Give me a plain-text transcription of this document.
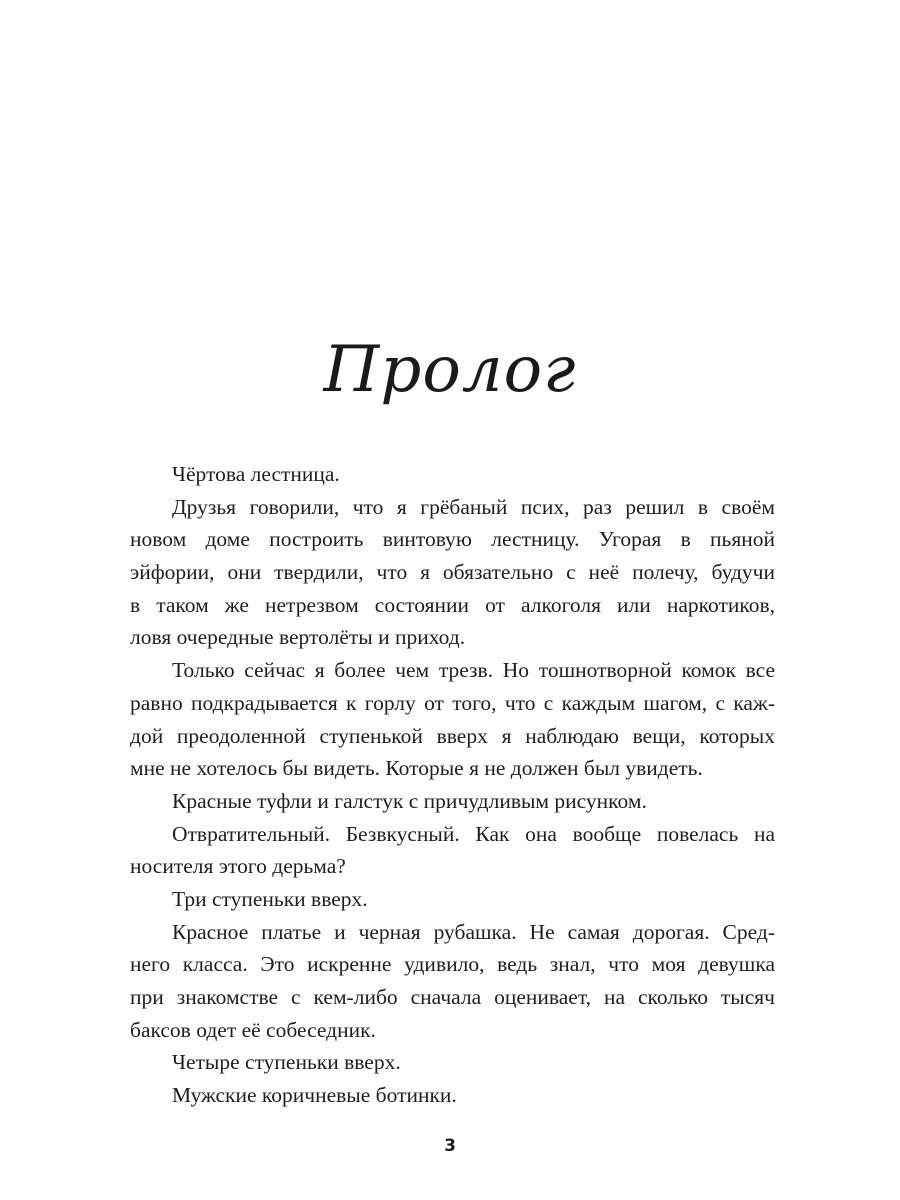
Пролог
Чёртова лестница.
Друзья говорили, что я грёбаный псих, раз решил в своём
новом доме построить винтовую лестницу. Угорая в пьяной
эйфории, они твердили, что я обязательно с неё полечу, будучи
в таком же нетрезвом состоянии от алкоголя или наркотиков,
ловя очередные вертолёты и приход.
Только сейчас я более чем трезв. Но тошнотворной комок все
равно подкрадывается к горлу от того, что с каждым шагом, с каж-
дой преодоленной ступенькой вверх я наблюдаю вещи, которых
мне не хотелось бы видеть. Которые я не должен был увидеть.
Красные туфли и галстук с причудливым рисунком.
Отвратительный. Безвкусный. Как она вообще повелась на
носителя этого дерьма?
Три ступеньки вверх.
Красное платье и черная рубашка. Не самая дорогая. Сред-
него класса. Это искренне удивило, ведь знал, что моя девушка
при знакомстве с кем-либо сначала оценивает, на сколько тысяч
баксов одет её собеседник.
Четыре ступеньки вверх.
Мужские коричневые ботинки.
3
